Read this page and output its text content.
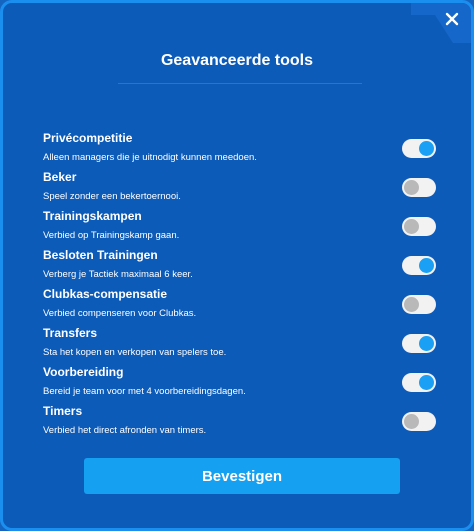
Geavanceerde tools
Privécompetitie
Alleen managers die je uitnodigt kunnen meedoen.
Beker
Speel zonder een bekertoernooi.
Trainingskampen
Verbied op Trainingskamp gaan.
Besloten Trainingen
Verberg je Tactiek maximaal 6 keer.
Clubkas-compensatie
Verbied compenseren voor Clubkas.
Transfers
Sta het kopen en verkopen van spelers toe.
Voorbereiding
Bereid je team voor met 4 voorbereidingsdagen.
Timers
Verbied het direct afronden van timers.
Bevestigen
